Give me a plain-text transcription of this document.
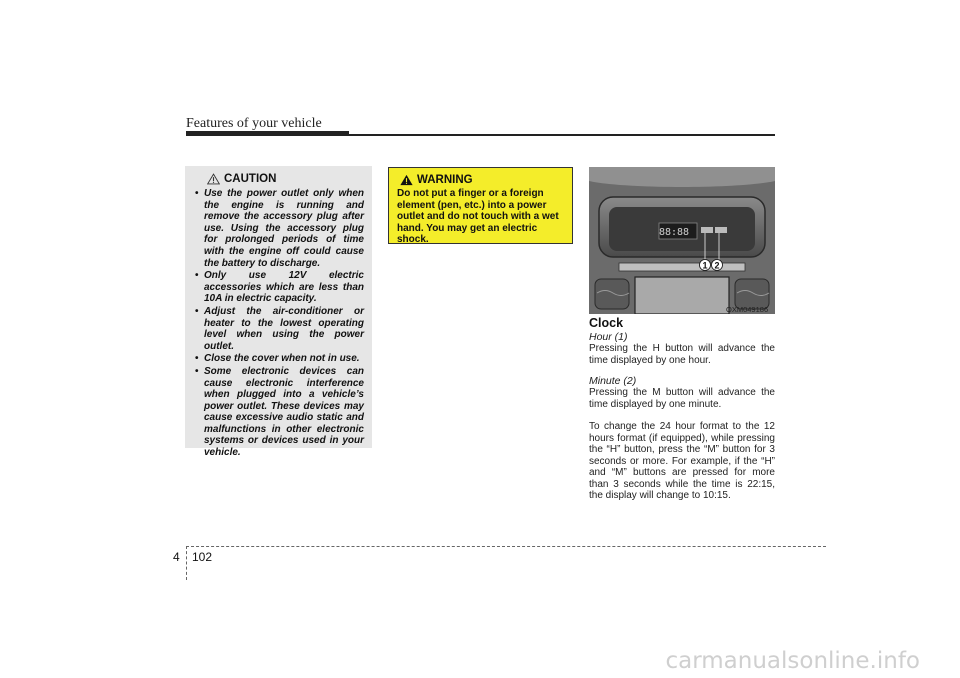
Features of your vehicle
CAUTION
• Use the power outlet only when the engine is running and remove the accessory plug after use. Using the accessory plug for prolonged periods of time with the engine off could cause the battery to discharge.
• Only use 12V electric accessories which are less than 10A in electric capacity.
• Adjust the air-conditioner or heater to the lowest operating level when using the power outlet.
• Close the cover when not in use.
• Some electronic devices can cause electronic interference when plugged into a vehicle’s power outlet. These devices may cause excessive audio static and malfunctions in other electronic systems or devices used in your vehicle.
WARNING
Do not put a finger or a foreign element (pen, etc.) into a power outlet and do not touch with a wet hand. You may get an electric shock.
88:88
1 2
OXM049186
Clock
Hour (1)
Pressing the H button will advance the time displayed by one hour.
Minute (2)
Pressing the M button will advance the time displayed by one minute.
To change the 24 hour format to the 12 hours format (if equipped), while pressing the “H” button, press the “M” button for 3 seconds or more. For example, if the “H” and “M” buttons are pressed for more than 3 seconds while the time is 22:15, the display will change to 10:15.
4 102
carmanualsonline.info
